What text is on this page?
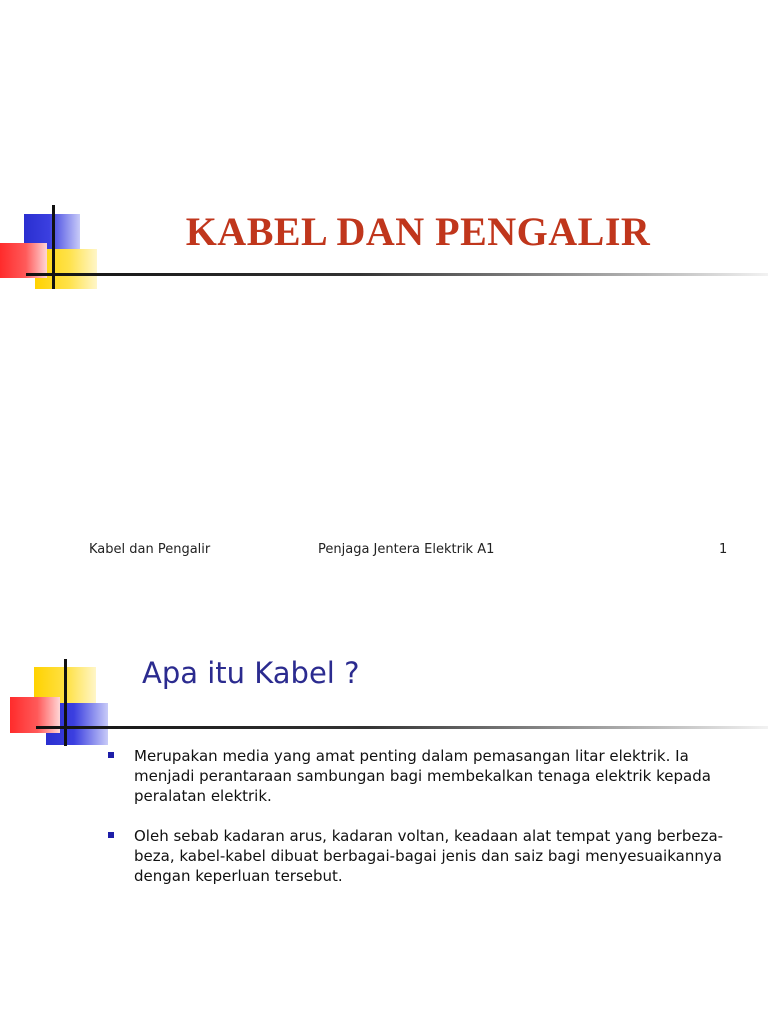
KABEL DAN PENGALIR
Kabel dan Pengalir	Penjaga Jentera Elektrik A1	1
Apa itu Kabel ?
Merupakan media yang amat penting dalam pemasangan litar elektrik. Ia menjadi perantaraan sambungan bagi membekalkan tenaga elektrik kepada peralatan elektrik.
Oleh sebab kadaran arus, kadaran voltan, keadaan alat tempat yang berbeza-beza, kabel-kabel dibuat berbagai-bagai jenis dan saiz bagi menyesuaikannya dengan keperluan tersebut.
